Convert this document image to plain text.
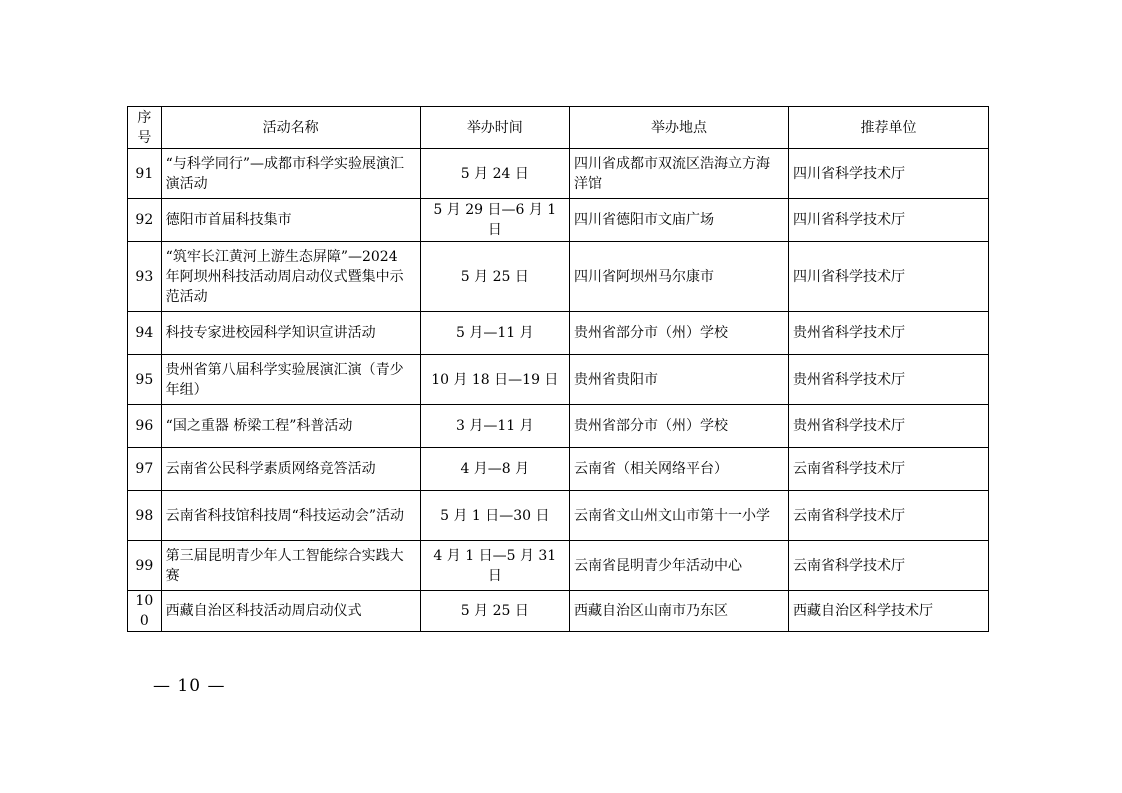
序号	活动名称	举办时间	举办地点	推荐单位
91	“与科学同行”—成都市科学实验展演汇演活动	5 月 24 日	四川省成都市双流区浩海立方海洋馆	四川省科学技术厅
92	德阳市首届科技集市	5 月 29 日—6 月 1 日	四川省德阳市文庙广场	四川省科学技术厅
93	“筑牢长江黄河上游生态屏障”—2024 年阿坝州科技活动周启动仪式暨集中示范活动	5 月 25 日	四川省阿坝州马尔康市	四川省科学技术厅
94	科技专家进校园科学知识宣讲活动	5 月—11 月	贵州省部分市（州）学校	贵州省科学技术厅
95	贵州省第八届科学实验展演汇演（青少年组）	10 月 18 日—19 日	贵州省贵阳市	贵州省科学技术厅
96	“国之重器 桥梁工程”科普活动	3 月—11 月	贵州省部分市（州）学校	贵州省科学技术厅
97	云南省公民科学素质网络竞答活动	4 月—8 月	云南省（相关网络平台）	云南省科学技术厅
98	云南省科技馆科技周“科技运动会”活动	5 月 1 日—30 日	云南省文山州文山市第十一小学	云南省科学技术厅
99	第三届昆明青少年人工智能综合实践大赛	4 月 1 日—5 月 31 日	云南省昆明青少年活动中心	云南省科学技术厅
100	西藏自治区科技活动周启动仪式	5 月 25 日	西藏自治区山南市乃东区	西藏自治区科学技术厅
— 10 —
